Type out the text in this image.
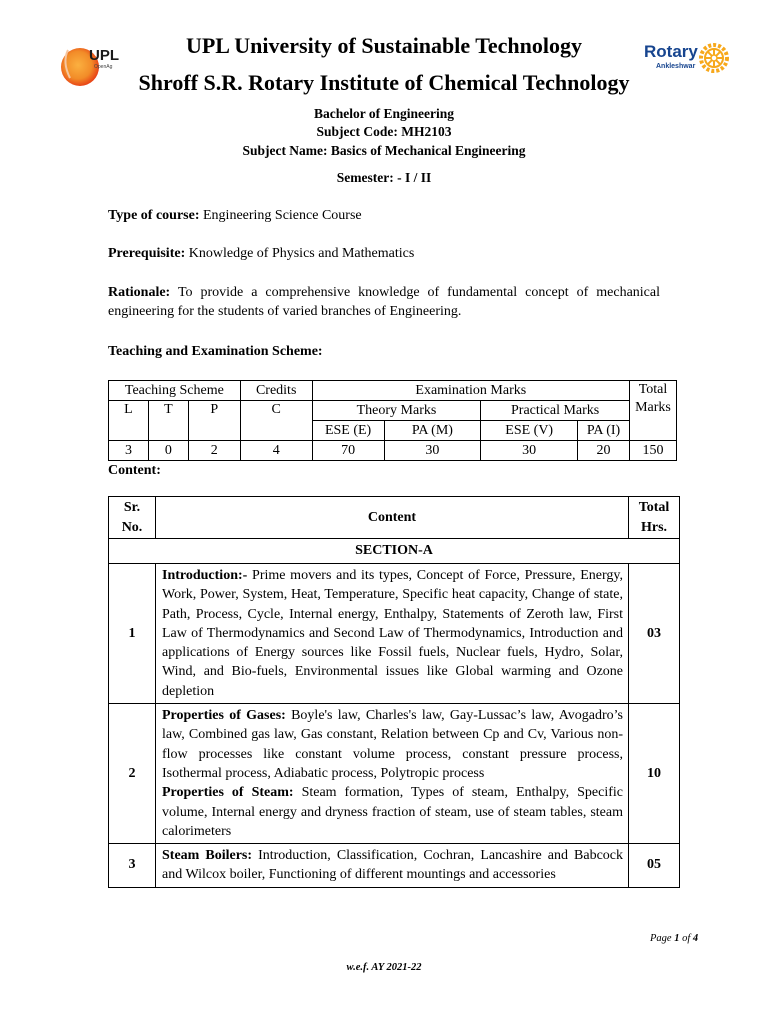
UPL
OpenAg
Rotary
Ankleshwar
UPL University of Sustainable Technology
Shroff S.R. Rotary Institute of Chemical Technology
Bachelor of Engineering
Subject Code: MH2103
Subject Name: Basics of Mechanical Engineering
Semester: - I / II
Type of course: Engineering Science Course
Prerequisite: Knowledge of Physics and Mathematics
Rationale: To provide a comprehensive knowledge of fundamental concept of mechanical engineering for the students of varied branches of Engineering.
Teaching and Examination Scheme:
Teaching Scheme			Credits	Examination Marks				Total
Marks
L	T	P	C	Theory Marks		Practical Marks		
				ESE (E)	PA (M)	ESE (V)	PA (I)	
3	0	2	4	70	30	30	20	150
Content:
Sr.
No.	Content	Total
Hrs.
SECTION-A		
1	Introduction:- Prime movers and its types, Concept of Force, Pressure, Energy, Work, Power, System, Heat, Temperature, Specific heat capacity, Change of state, Path, Process, Cycle, Internal energy, Enthalpy, Statements of Zeroth law, First Law of Thermodynamics and Second Law of Thermodynamics, Introduction and applications of Energy sources like Fossil fuels, Nuclear fuels, Hydro, Solar, Wind, and Bio-fuels, Environmental issues like Global warming and Ozone depletion	03
2	Properties of Gases: Boyle's law, Charles's law, Gay-Lussac’s law, Avogadro’s law, Combined gas law, Gas constant, Relation between Cp and Cv, Various non-flow processes like constant volume process, constant pressure process, Isothermal process, Adiabatic process, Polytropic process
Properties of Steam: Steam formation, Types of steam, Enthalpy, Specific volume, Internal energy and dryness fraction of steam, use of steam tables, steam calorimeters	10
3	Steam Boilers: Introduction, Classification, Cochran, Lancashire and Babcock and Wilcox boiler, Functioning of different mountings and accessories	05
Page 1 of 4
w.e.f. AY 2021-22
